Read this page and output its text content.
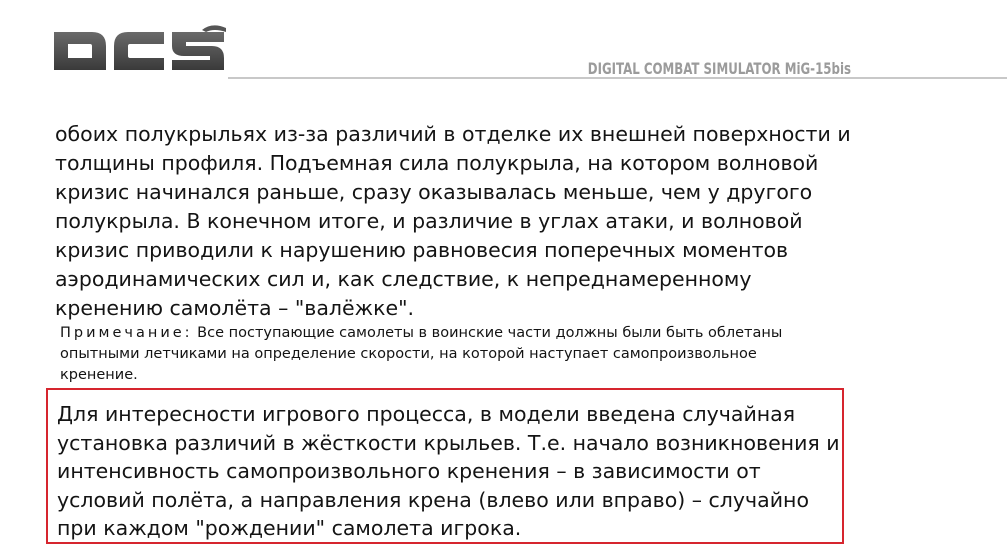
DIGITAL COMBAT SIMULATOR MiG-15bis

обоих полукрыльях из-за различий в отделке их внешней поверхности и толщины профиля. Подъемная сила полукрыла, на котором волновой кризис начинался раньше, сразу оказывалась меньше, чем у другого полукрыла. В конечном итоге, и различие в углах атаки, и волновой кризис приводили к нарушению равновесия поперечных моментов аэродинамических сил и, как следствие, к непреднамеренному кренению самолёта – "валёжке".

Примечание: Все поступающие самолеты в воинские части должны были быть облетаны опытными летчиками на определение скорости, на которой наступает самопроизвольное кренение.

Для интересности игрового процесса, в модели введена случайная установка различий в жёсткости крыльев. Т.е. начало возникновения и интенсивность самопроизвольного кренения – в зависимости от условий полёта, а направления крена (влево или вправо) – случайно при каждом "рождении" самолета игрока.
